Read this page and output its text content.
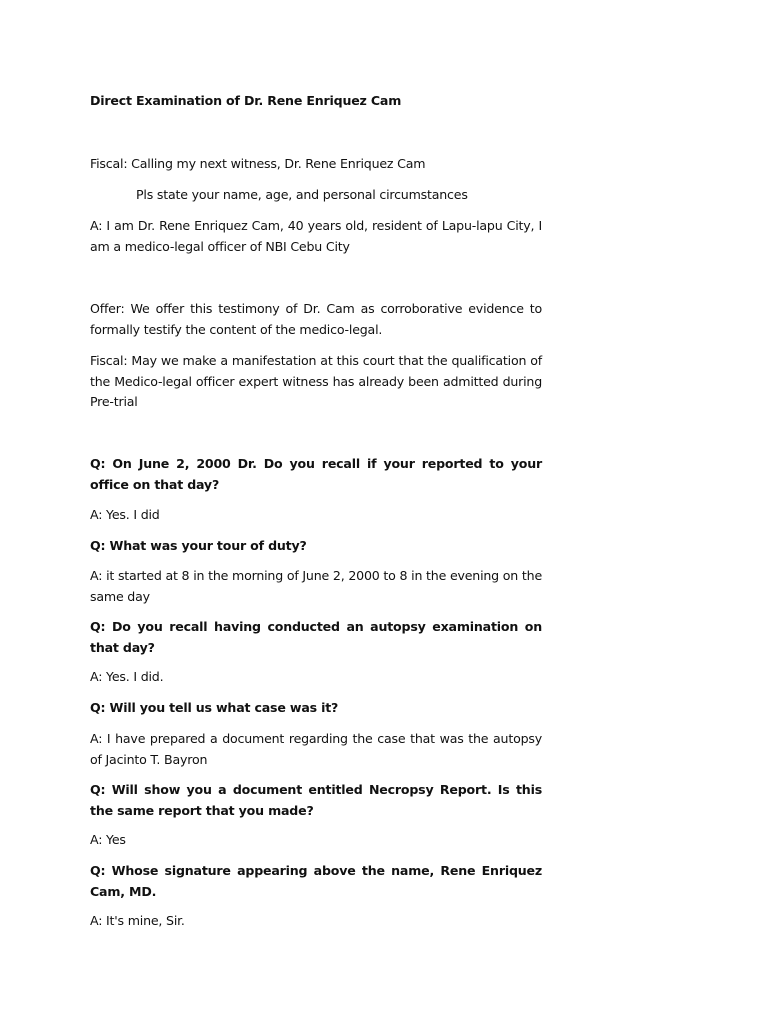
Direct Examination of Dr. Rene Enriquez Cam

Fiscal: Calling my next witness, Dr. Rene Enriquez Cam

Pls state your name, age, and personal circumstances

A: I am Dr. Rene Enriquez Cam, 40 years old, resident of Lapu-lapu City, I am a medico-legal officer of NBI Cebu City

Offer: We offer this testimony of Dr. Cam as corroborative evidence to formally testify the content of the medico-legal.

Fiscal: May we make a manifestation at this court that the qualification of the Medico-legal officer expert witness has already been admitted during Pre-trial

Q: On June 2, 2000 Dr. Do you recall if your reported to your office on that day?

A: Yes. I did

Q: What was your tour of duty?

A: it started at 8 in the morning of June 2, 2000 to 8 in the evening on the same day

Q: Do you recall having conducted an autopsy examination on that day?

A: Yes. I did.

Q: Will you tell us what case was it?

A: I have prepared a document regarding the case that was the autopsy of Jacinto T. Bayron

Q: Will show you a document entitled Necropsy Report. Is this the same report that you made?

A: Yes

Q: Whose signature appearing above the name, Rene Enriquez Cam, MD.

A: It's mine, Sir.
